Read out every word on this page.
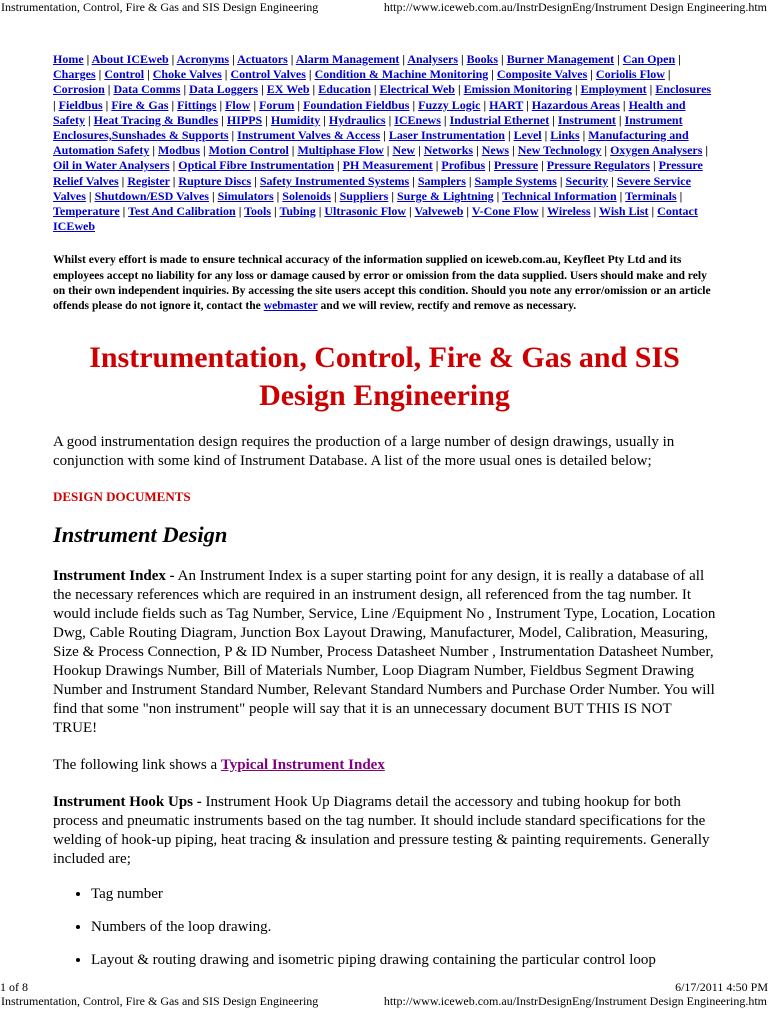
Instrumentation, Control, Fire & Gas and SIS Design Engineering	http://www.iceweb.com.au/InstrDesignEng/Instrument Design Engineering.htm
Home | About ICEweb | Acronyms | Actuators | Alarm Management | Analysers | Books | Burner Management | Can Open | Charges | Control | Choke Valves | Control Valves | Condition & Machine Monitoring | Composite Valves | Coriolis Flow | Corrosion | Data Comms | Data Loggers | EX Web | Education | Electrical Web | Emission Monitoring | Employment | Enclosures | Fieldbus | Fire & Gas | Fittings | Flow | Forum | Foundation Fieldbus | Fuzzy Logic | HART | Hazardous Areas | Health and Safety | Heat Tracing & Bundles | HIPPS | Humidity | Hydraulics | ICEnews | Industrial Ethernet | Instrument | Instrument Enclosures,Sunshades & Supports | Instrument Valves & Access | Laser Instrumentation | Level | Links | Manufacturing and Automation Safety | Modbus | Motion Control | Multiphase Flow | New | Networks | News | New Technology | Oxygen Analysers | Oil in Water Analysers | Optical Fibre Instrumentation | PH Measurement | Profibus | Pressure | Pressure Regulators | Pressure Relief Valves | Register | Rupture Discs | Safety Instrumented Systems | Samplers | Sample Systems | Security | Severe Service Valves | Shutdown/ESD Valves | Simulators | Solenoids | Suppliers | Surge & Lightning | Technical Information | Terminals | Temperature | Test And Calibration | Tools | Tubing | Ultrasonic Flow | Valveweb | V-Cone Flow | Wireless | Wish List | Contact ICEweb

Whilst every effort is made to ensure technical accuracy of the information supplied on iceweb.com.au, Keyfleet Pty Ltd and its employees accept no liability for any loss or damage caused by error or omission from the data supplied. Users should make and rely on their own independent inquiries. By accessing the site users accept this condition. Should you note any error/omission or an article offends please do not ignore it, contact the webmaster and we will review, rectify and remove as necessary.

Instrumentation, Control, Fire & Gas and SIS Design Engineering

A good instrumentation design requires the production of a large number of design drawings, usually in conjunction with some kind of Instrument Database. A list of the more usual ones is detailed below;

DESIGN DOCUMENTS
Instrument Design

Instrument Index - An Instrument Index is a super starting point for any design, it is really a database of all the necessary references which are required in an instrument design, all referenced from the tag number. It would include fields such as Tag Number, Service, Line /Equipment No , Instrument Type, Location, Location Dwg, Cable Routing Diagram, Junction Box Layout Drawing, Manufacturer, Model, Calibration, Measuring, Size & Process Connection, P & ID Number, Process Datasheet Number , Instrumentation Datasheet Number, Hookup Drawings Number, Bill of Materials Number, Loop Diagram Number, Fieldbus Segment Drawing Number and Instrument Standard Number, Relevant Standard Numbers and Purchase Order Number. You will find that some "non instrument" people will say that it is an unnecessary document BUT THIS IS NOT TRUE!

The following link shows a Typical Instrument Index

Instrument Hook Ups - Instrument Hook Up Diagrams detail the accessory and tubing hookup for both process and pneumatic instruments based on the tag number. It should include standard specifications for the welding of hook-up piping, heat tracing & insulation and pressure testing & painting requirements. Generally included are;

• Tag number
• Numbers of the loop drawing.
• Layout & routing drawing and isometric piping drawing containing the particular control loop
1 of 8	6/17/2011 4:50 PM
Instrumentation, Control, Fire & Gas and SIS Design Engineering	http://www.iceweb.com.au/InstrDesignEng/Instrument Design Engineering.htm
